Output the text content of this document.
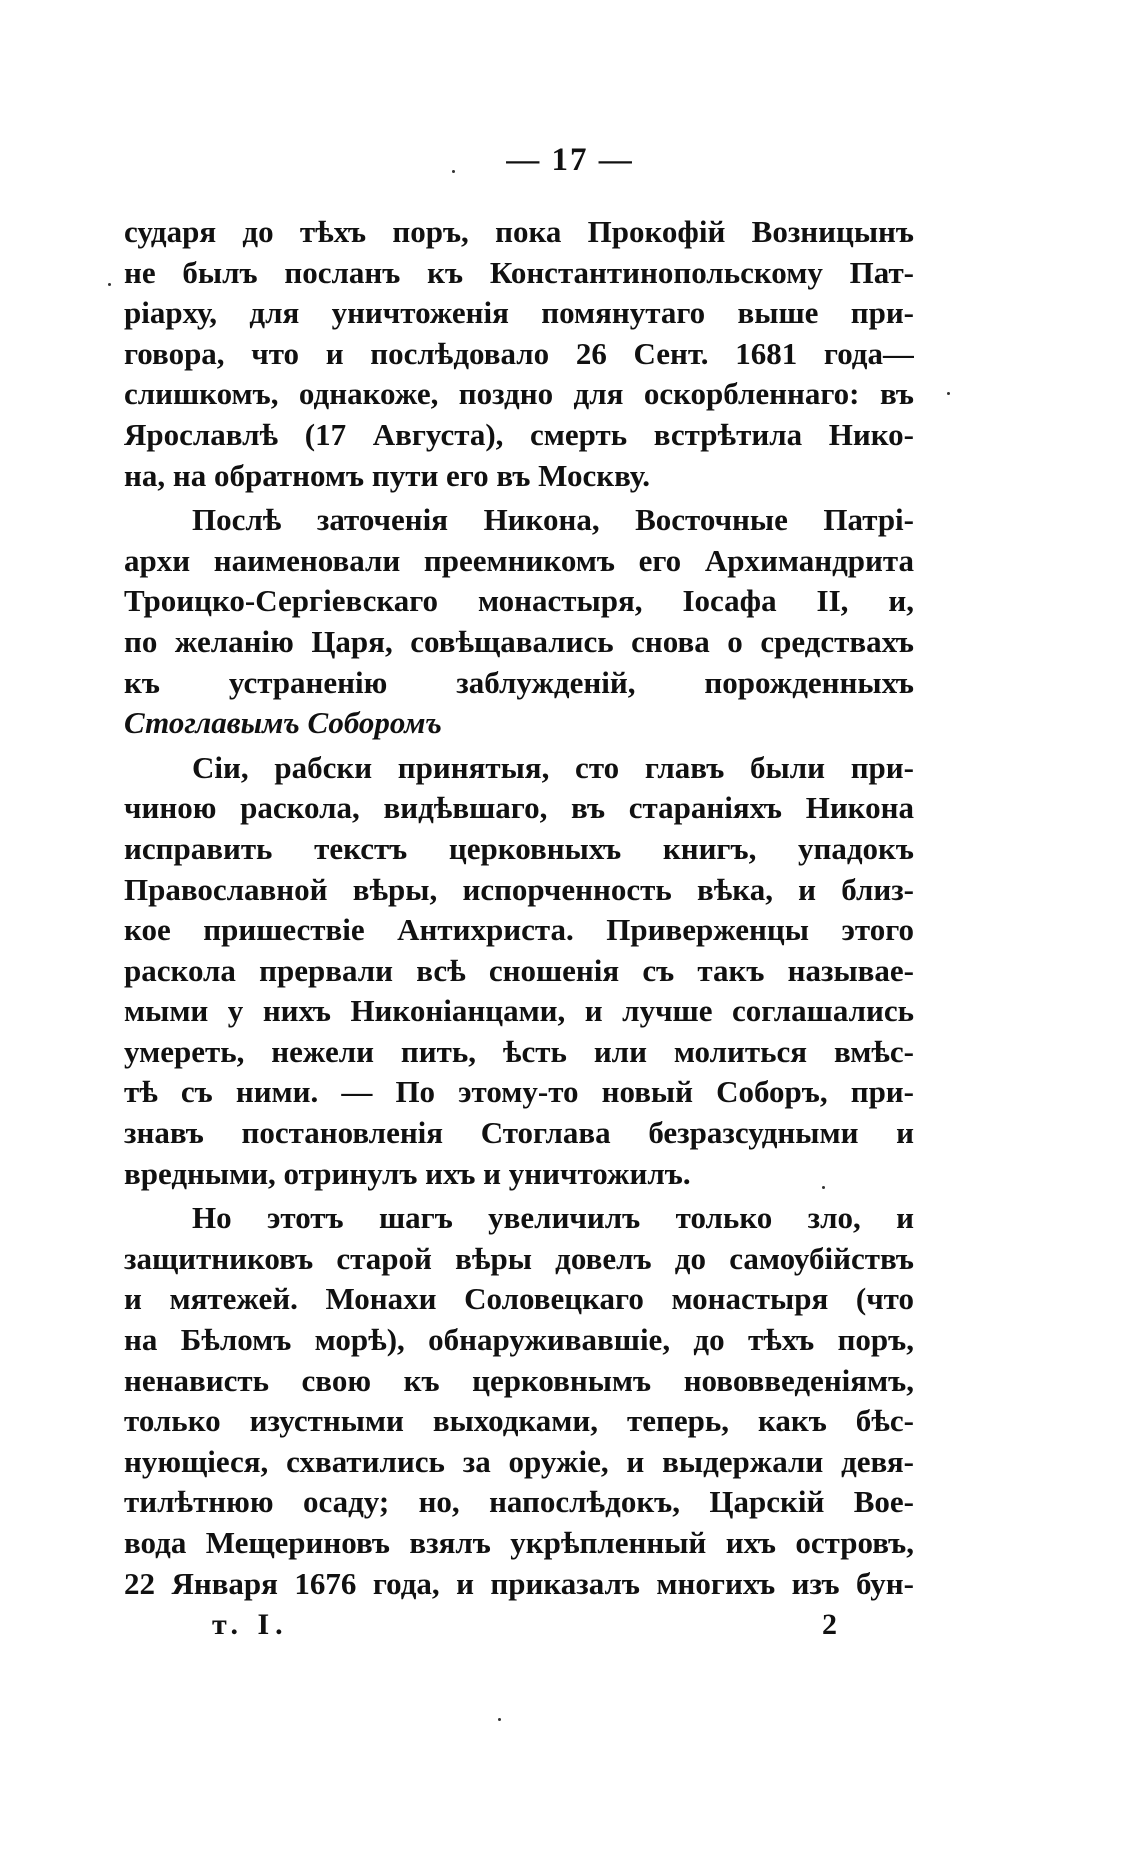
— 17 —
сударя до тѣхъ поръ, пока Прокофій Возницынъ
не былъ посланъ къ Константинопольскому Пат-
ріарху, для уничтоженія помянутаго выше при-
говора, что и послѣдовало 26 Сент. 1681 года—
слишкомъ, однакоже, поздно для оскорбленнаго: въ
Ярославлѣ (17 Августа), смерть встрѣтила Нико-
на, на обратномъ пути его въ Москву.
Послѣ заточенія Никона, Восточные Патрі-
архи наименовали преемникомъ его Архимандрита
Троицко-Сергіевскаго монастыря, Іосафа II, и,
по желанію Царя, совѣщавались снова о средствахъ
къ устраненію заблужденій, порожденныхъ
Стоглавымъ Соборомъ
Сіи, рабски принятыя, сто главъ были при-
чиною раскола, видѣвшаго, въ стараніяхъ Никона
исправить текстъ церковныхъ книгъ, упадокъ
Православной вѣры, испорченность вѣка, и близ-
кое пришествіе Антихриста. Приверженцы этого
раскола прервали всѣ сношенія съ такъ называе-
мыми у нихъ Никоніанцами, и лучше соглашались
умереть, нежели пить, ѣсть или молиться вмѣс-
тѣ съ ними. — По этому-то новый Соборъ, при-
знавъ постановленія Стоглава безразсудными и
вредными, отринулъ ихъ и уничтожилъ.
Но этотъ шагъ увеличилъ только зло, и
защитниковъ старой вѣры довелъ до самоубійствъ
и мятежей. Монахи Соловецкаго монастыря (что
на Бѣломъ морѣ), обнаруживавшіе, до тѣхъ поръ,
ненависть свою къ церковнымъ нововведеніямъ,
только изустными выходками, теперь, какъ бѣс-
нующіеся, схватились за оружіе, и выдержали девя-
тилѣтнюю осаду; но, напослѣдокъ, Царскій Вое-
вода Мещериновъ взялъ укрѣпленный ихъ островъ,
22 Января 1676 года, и приказалъ многихъ изъ бун-
т. I.	2
